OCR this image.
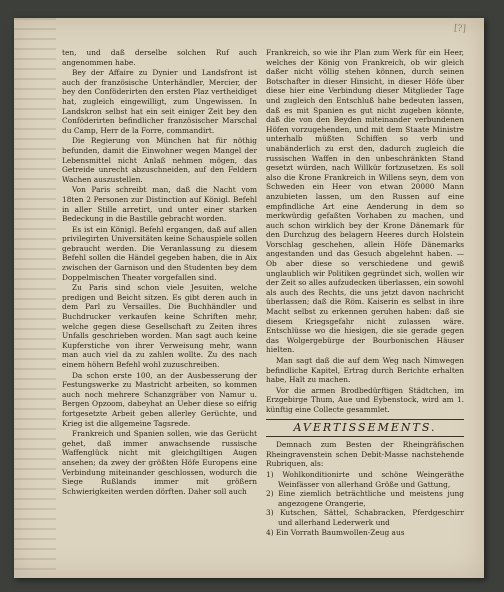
[?]

ten, und daß derselbe solchen Ruf auch angenommen habe.

Bey der Affaire zu Dynier und Landsfront ist auch der französische Unterhändler, Mercier, der bey den Conföderirten den ersten Plaz vertheidiget hat, zugleich eingewilligt, zum Ungewissen. In Landskron selbst hat ein seit einiger Zeit bey den Conföderirten befindlicher französischer Marschal du Camp, Herr de la Forre, commandirt.

Die Regierung von München hat für nöthig befunden, damit die Einwohner wegen Mangel der Lebensmittel nicht Anlaß nehmen mögen, das Getreide unrecht abzuschneiden, auf den Feldern Wachen auszustellen.

Von Paris schreibt man, daß die Nacht vom 18ten 2 Personen zur Distinction auf Königl. Befehl in aller Stille arretirt, und unter einer starken Bedeckung in die Bastille gebracht worden.

Es ist ein Königl. Befehl ergangen, daß auf allen privilegirten Universitäten keine Schauspiele sollen gebraucht werden. Die Veranlassung zu diesem Befehl sollen die Händel gegeben haben, die in Aix zwischen der Garnison und den Studenten bey dem Doppelmischen Theater vorgefallen sind.

Zu Paris sind schon viele Jesuiten, welche predigen und Beicht sitzen. Es gibt deren auch in dem Parl zu Versailles. Die Buchhändler und Buchdrucker verkaufen keine Schriften mehr, welche gegen diese Gesellschaft zu Zeiten ihres Unfalls geschrieben worden. Man sagt auch keine Kupferstiche von ihrer Verweisung mehr, wann man auch viel da zu zahlen wollte. Zu des nach einem höhern Befehl wohl zuzuschreiben.

Da schon erste 100, an der Ausbesserung der Festungswerke zu Mastricht arbeiten, so kommen auch noch mehrere Schanzgräber von Namur u. Bergen Opzoom, dabeyhat an Ueber diese so eifrig fortgesetzte Arbeit geben allerley Gerüchte, und Krieg ist die allgemeine Tagsrede.

Frankreich und Spanien sollen, wie das Gerücht gehet, daß immer anwachsende russische Waffenglück nicht mit gleichgiltigen Augen ansehen; da zwey der größten Höfe Europens eine Verbindung miteinander geschlossen, wodurch die Siege Rußlands immer mit größern Schwierigkeiten werden dörften. Daher soll auch

Frankreich, so wie ihr Plan zum Werk für ein Heer, welches der König von Frankreich, ob wir gleich daßer nicht völlig stehen können, durch seinen Botschafter in dieser Hinsicht, in dieser Höfe über diese hier eine Verbindung dieser Mitglieder Tage und zugleich den Entschluß habe bedeuten lassen, daß es mit Spanien es gut nicht zugeben könnte, daß die von den Beyden miteinander verbundenen Höfen vorzugehenden, und mit dem Staate Ministre unterhalb müßten Schiffen so verb und unabänderlich zu erst den, dadurch zugleich die russischen Waffen in den unbeschränkten Stand gesetzt würden, nach Willkür fortzusetzen. Es soll also die Krone Frankreich in Willens seyn, dem von Schweden ein Heer von etwan 20000 Mann anzubieten lassen, um den Russen auf eine empfindliche Art eine Aenderung in dem so merkwürdig gefaßten Vorhaben zu machen, und auch schon wirklich bey der Krone Dänemark für den Durchzug des belagern Heeres durch Holstein Vorschlag geschehen, allein Höfe Dänemarks angestanden und das Gesuch abgelehnt haben. — Ob aber diese so verschiedene und gewiß unglaublich wir Politiken gegründet sich, wollen wir der Zeit so alles aufzudecken überlassen, ein sowohl als auch des Rechts, die uns jetzt davon nachricht überlassen; daß die Röm. Kaiserin es selbst in ihre Macht selbst zu erkennen geruhen haben: daß sie diesem Kriegsgefahr nicht zulassen wäre. Entschlüsse wo die hiesigen, die sie gerade gegen das Wolgergebürge der Bourbonischen Häuser hielten.

Man sagt daß die auf dem Weg nach Nimwegen befindliche Kapitel, Ertrag durch Berichte erhalten habe, Halt zu machen.

Vor die armen Brodbedürftigen Städtchen, im Erzgebirge Thum, Aue und Eybenstock, wird am 1. künftig eine Collecte gesammlet.

AVERTISSEMENTS.

Demnach zum Besten der Rheingräfischen Rheingravenstein schen Debit-Masse nachstehende Rubriquen, als:

1) Wohlkonditionirte und schöne Weingeräthe Weinfässer von allerhand Größe und Gattung,
2) Eine ziemlich beträchtliche und meistens jung angezogene Orangerie,
3) Kutschen, Sättel, Schabracken, Pferdgeschirr und allerhand Lederwerk und
4) Ein Vorrath Baumwollen-Zeug aus
